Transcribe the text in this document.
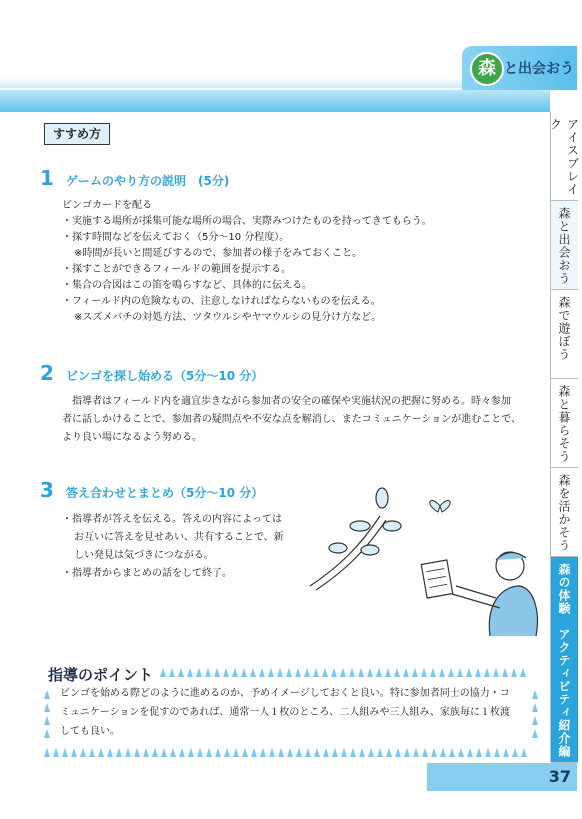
森 と出会おう
アイスブレイク
森と出会おう
森で遊ぼう
森と暮らそう
森を活かそう
森の体験　アクティビティ紹介編
37
すすめ方
1 ゲームのやり方の説明　(5分)
ビンゴカードを配る
・実施する場所が採集可能な場所の場合、実際みつけたものを持ってきてもらう。
・探す時間などを伝えておく（5分～10 分程度）。
※時間が長いと間延びするので、参加者の様子をみておくこと。
・探すことができるフィールドの範囲を提示する。
・集合の合図はこの笛を鳴らすなど、具体的に伝える。
・フィールド内の危険なもの、注意しなければならないものを伝える。
※スズメバチの対処方法、ツタウルシやヤマウルシの見分け方など。
2 ビンゴを探し始める（5分～10 分）
指導者はフィールド内を適宜歩きながら参加者の安全の確保や実施状況の把握に努める。時々参加
者に話しかけることで、参加者の疑問点や不安な点を解消し、またコミュニケーションが進むことで、
より良い場になるよう努める。
3 答え合わせとまとめ（5分～10 分）
・指導者が答えを伝える。答えの内容によっては
お互いに答えを見せあい、共有することで、新
しい発見は気づきにつながる。
・指導者からまとめの話をして終了。
指導のポイント
ビンゴを始める際どのように進めるのか、予めイメージしておくと良い。特に参加者同士の協力・コ
ミュニケーションを促すのであれば、通常一人１枚のところ、二人組みや三人組み、家族毎に１枚渡
しても良い。
